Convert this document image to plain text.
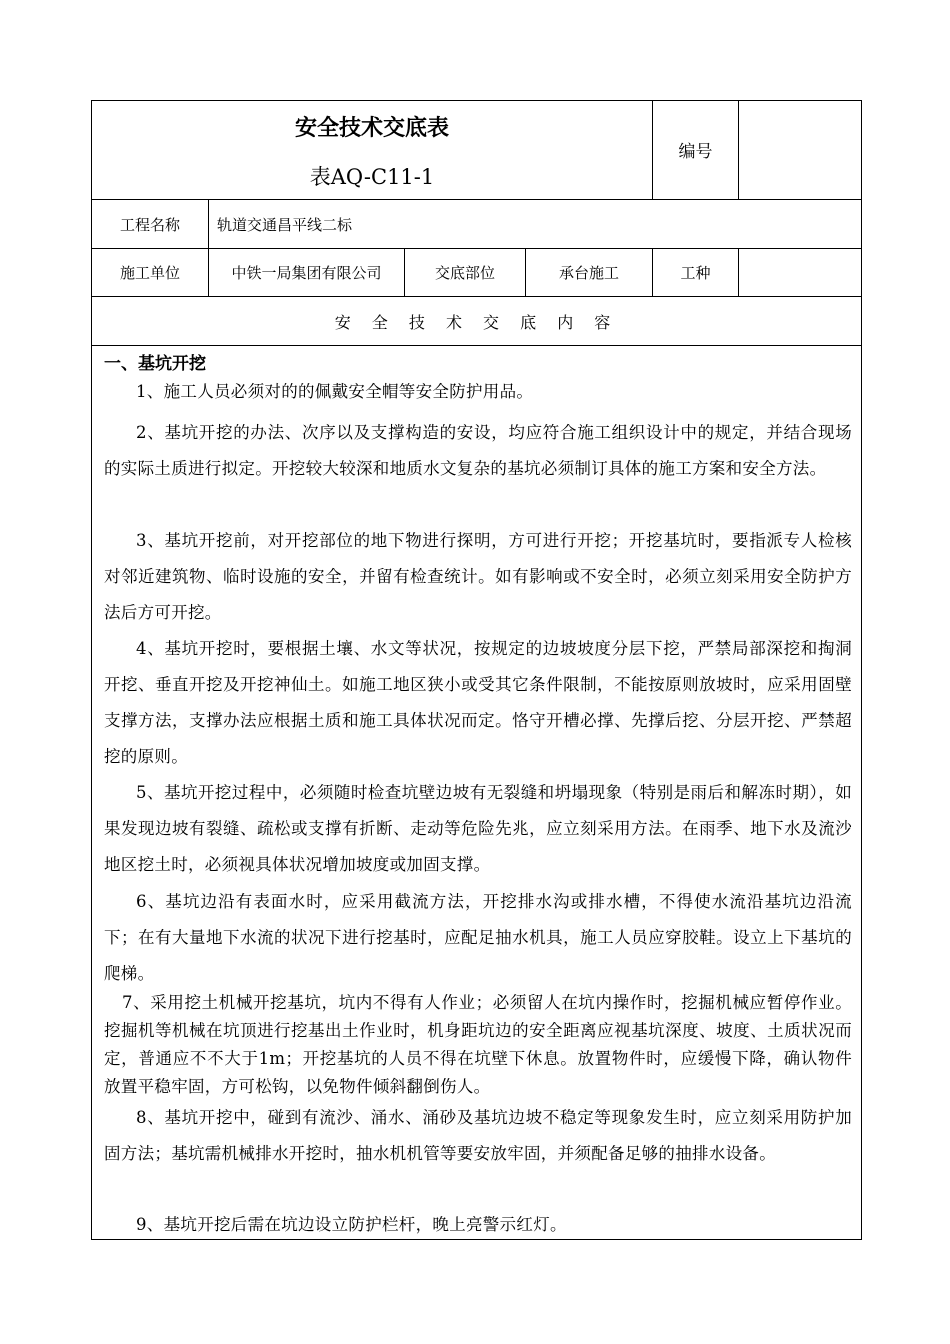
安全技术交底表
表AQ-C11-1
编号
工程名称	轨道交通昌平线二标
施工单位	中铁一局集团有限公司	交底部位	承台施工	工种
安 全 技 术 交 底 内 容
一、基坑开挖
1、施工人员必须对的的佩戴安全帽等安全防护用品。
2、基坑开挖的办法、次序以及支撑构造的安设，均应符合施工组织设计中的规定，并结合现场的实际土质进行拟定。开挖较大较深和地质水文复杂的基坑必须制订具体的施工方案和安全方法。
3、基坑开挖前，对开挖部位的地下物进行探明，方可进行开挖；开挖基坑时，要指派专人检核对邻近建筑物、临时设施的安全，并留有检查统计。如有影响或不安全时，必须立刻采用安全防护方法后方可开挖。
4、基坑开挖时，要根据土壤、水文等状况，按规定的边坡坡度分层下挖，严禁局部深挖和掏洞开挖、垂直开挖及开挖神仙土。如施工地区狭小或受其它条件限制，不能按原则放坡时，应采用固壁支撑方法，支撑办法应根据土质和施工具体状况而定。恪守开槽必撑、先撑后挖、分层开挖、严禁超挖的原则。
5、基坑开挖过程中，必须随时检查坑壁边坡有无裂缝和坍塌现象（特别是雨后和解冻时期），如果发现边坡有裂缝、疏松或支撑有折断、走动等危险先兆，应立刻采用方法。在雨季、地下水及流沙地区挖土时，必须视具体状况增加坡度或加固支撑。
6、基坑边沿有表面水时，应采用截流方法，开挖排水沟或排水槽，不得使水流沿基坑边沿流下；在有大量地下水流的状况下进行挖基时，应配足抽水机具，施工人员应穿胶鞋。设立上下基坑的爬梯。
7、采用挖土机械开挖基坑，坑内不得有人作业；必须留人在坑内操作时，挖掘机械应暂停作业。挖掘机等机械在坑顶进行挖基出土作业时，机身距坑边的安全距离应视基坑深度、坡度、土质状况而定，普通应不不大于1m；开挖基坑的人员不得在坑壁下休息。放置物件时，应缓慢下降，确认物件放置平稳牢固，方可松钩，以免物件倾斜翻倒伤人。
8、基坑开挖中，碰到有流沙、涌水、涌砂及基坑边坡不稳定等现象发生时，应立刻采用防护加固方法；基坑需机械排水开挖时，抽水机机管等要安放牢固，并须配备足够的抽排水设备。
9、基坑开挖后需在坑边设立防护栏杆，晚上亮警示红灯。
